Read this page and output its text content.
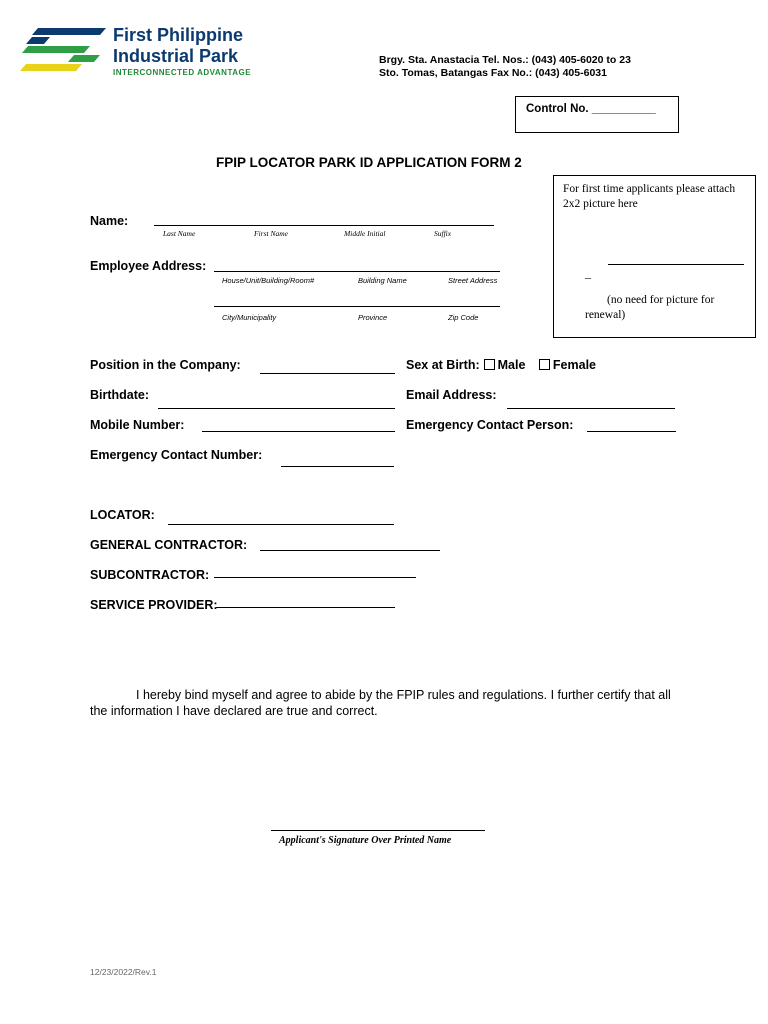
First Philippine
Industrial Park
INTERCONNECTED ADVANTAGE
Brgy. Sta. Anastacia Tel. Nos.: (043) 405-6020 to 23
Sto. Tomas, Batangas Fax No.: (043) 405-6031
Control No. __________
FPIP LOCATOR PARK ID APPLICATION FORM 2
For first time applicants please attach 2x2 picture here
_
(no need for picture for renewal)
Name:
Last Name	First Name	Middle Initial	Suffix
Employee Address:
House/Unit/Building/Room#	Building Name	Street Address
City/Municipality	Province	Zip Code
Position in the Company:
Birthdate:
Mobile Number:
Emergency Contact Number:
Sex at Birth: Male Female
Email Address:
Emergency Contact Person:
LOCATOR:
GENERAL CONTRACTOR:
SUBCONTRACTOR:
SERVICE PROVIDER:
I hereby bind myself and agree to abide by the FPIP rules and regulations. I further certify that all the information I have declared are true and correct.
Applicant's Signature Over Printed Name
12/23/2022/Rev.1
